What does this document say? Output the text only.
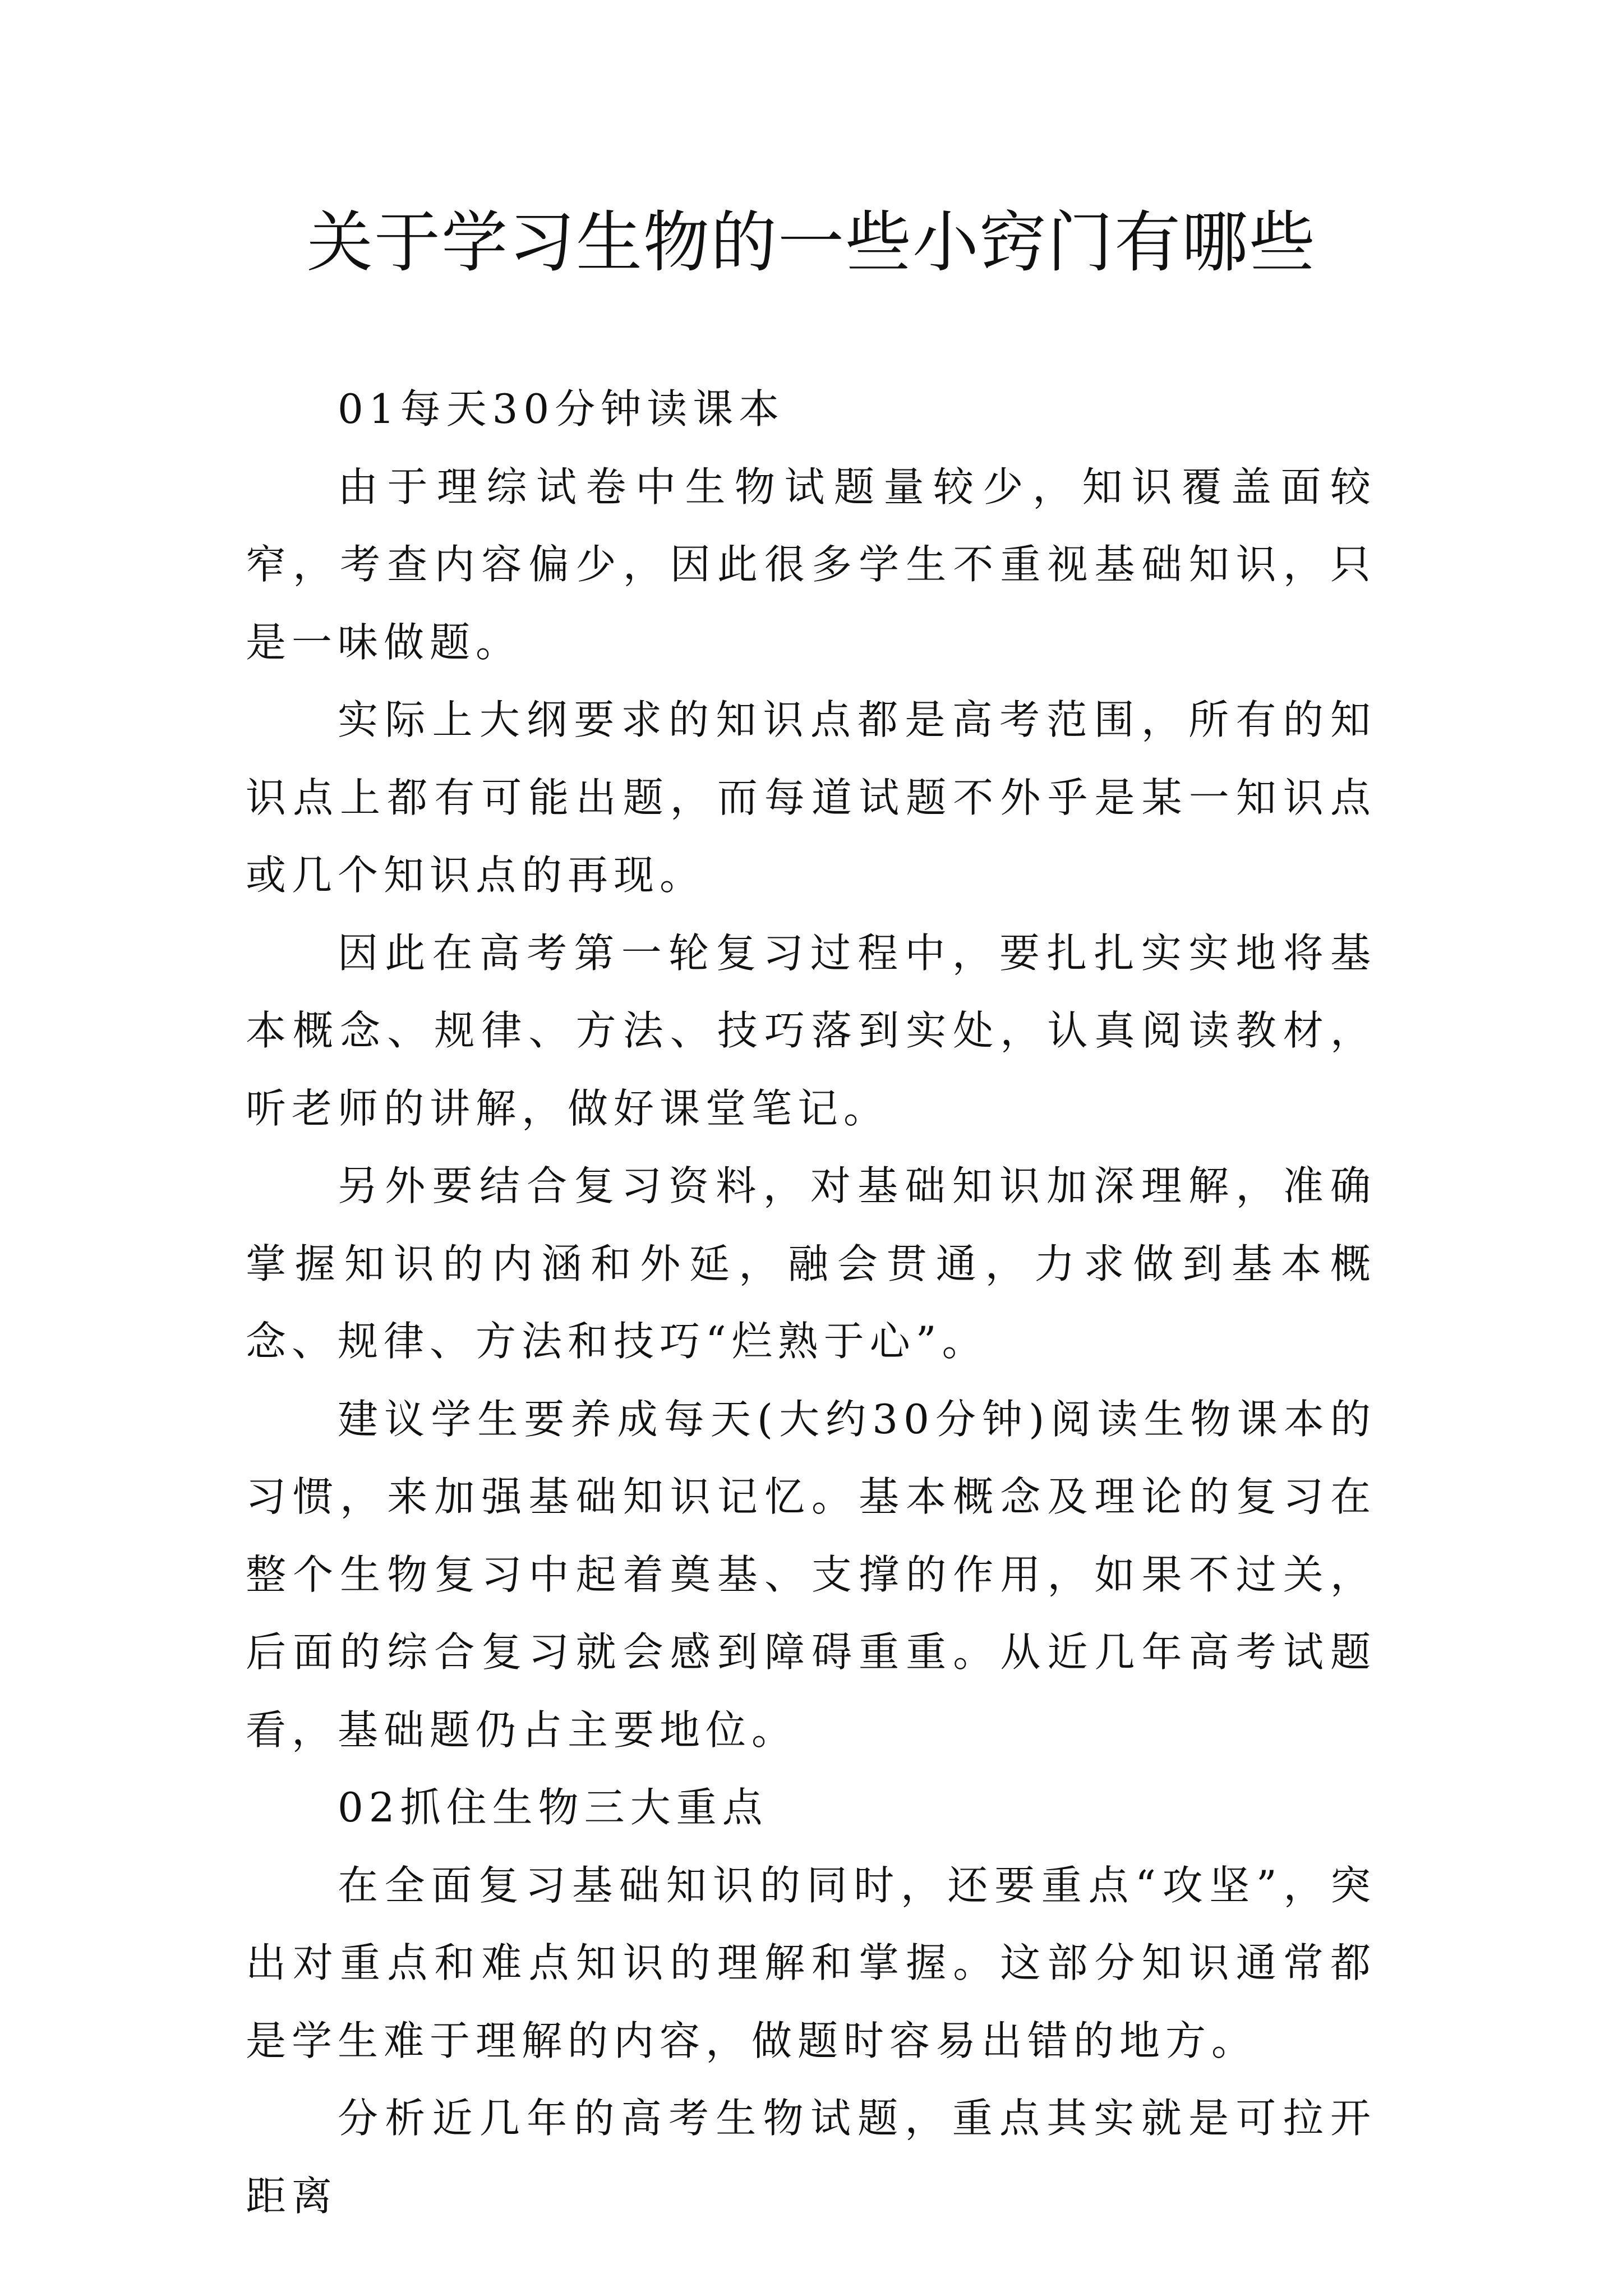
关于学习生物的一些小窍门有哪些

01每天30分钟读课本

由于理综试卷中生物试题量较少，知识覆盖面较窄，考查内容偏少，因此很多学生不重视基础知识，只是一味做题。

实际上大纲要求的知识点都是高考范围，所有的知识点上都有可能出题，而每道试题不外乎是某一知识点或几个知识点的再现。

因此在高考第一轮复习过程中，要扎扎实实地将基本概念、规律、方法、技巧落到实处，认真阅读教材，听老师的讲解，做好课堂笔记。

另外要结合复习资料，对基础知识加深理解，准确掌握知识的内涵和外延，融会贯通，力求做到基本概念、规律、方法和技巧“烂熟于心”。

建议学生要养成每天(大约30分钟)阅读生物课本的习惯，来加强基础知识记忆。基本概念及理论的复习在整个生物复习中起着奠基、支撑的作用，如果不过关，后面的综合复习就会感到障碍重重。从近几年高考试题看，基础题仍占主要地位。

02抓住生物三大重点

在全面复习基础知识的同时，还要重点“攻坚”，突出对重点和难点知识的理解和掌握。这部分知识通常都是学生难于理解的内容，做题时容易出错的地方。

分析近几年的高考生物试题，重点其实就是可拉开距离
